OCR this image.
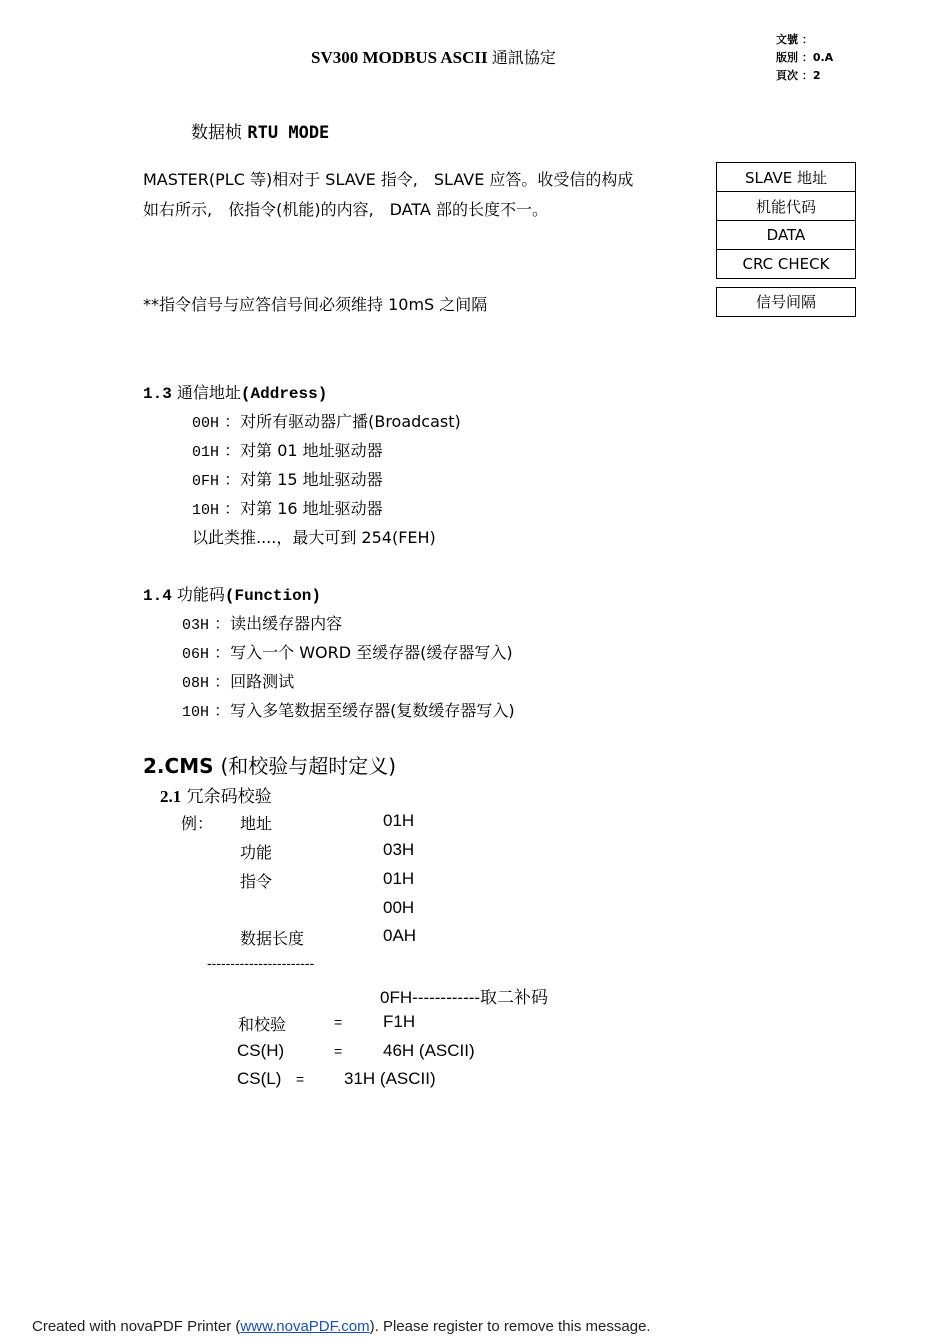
SV300 MODBUS ASCII 通訊協定
文號 ：
版別 ：0.A
頁次 ：2
数据桢 RTU MODE
MASTER(PLC 等)相对于 SLAVE 指令,　SLAVE 应答。收受信的构成
如右所示,　依指令(机能)的内容,　DATA 部的长度不一。
**指令信号与应答信号间必须维持 10mS 之间隔
SLAVE 地址
机能代码
DATA
CRC CHECK
信号间隔
1.3 通信地址(Address)
00H ：对所有驱动器广播(Broadcast)
01H ：对第 01 地址驱动器
0FH ：对第 15 地址驱动器
10H ：对第 16 地址驱动器
以此类推....，最大可到 254(FEH)
1.4 功能码(Function)
03H ：读出缓存器内容
06H ：写入一个 WORD 至缓存器(缓存器写入)
08H ：回路测试
10H ：写入多笔数据至缓存器(复数缓存器写入)
2.CMS (和校验与超时定义)
2.1 冗余码校验
例： 地址	01H
功能	03H
指令	01H
00H
数据长度	0AH
-----------------------
0FH------------取二补码
和校验	= F1H
CS(H)	= 46H (ASCII)
CS(L) = 31H (ASCII)
Created with novaPDF Printer (www.novaPDF.com). Please register to remove this message.
